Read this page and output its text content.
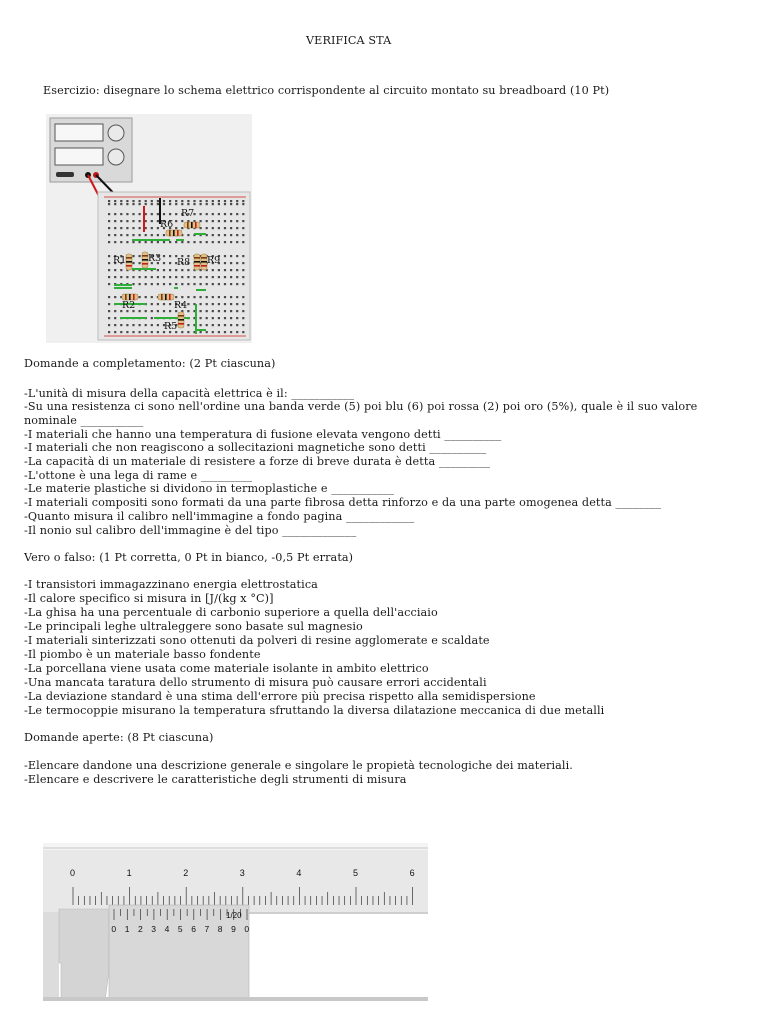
VERIFICA STA
Esercizio: disegnare lo schema elettrico corrispondente al circuito montato su breadboard (10 Pt)
R7
R6
R1 R3 R8 R9
R2	R4
R5
Domande a completamento: (2 Pt ciascuna)
-L'unità di misura della capacità elettrica è il: ___________
-Su una resistenza ci sono nell'ordine una banda verde (5) poi blu (6) poi rossa (2) poi oro (5%), quale è il suo valore nominale ___________
-I materiali che hanno una temperatura di fusione elevata vengono detti __________
-I materiali che non reagiscono a sollecitazioni magnetiche sono detti __________
-La capacità di un materiale di resistere a forze di breve durata è detta _________
-L'ottone è una lega di rame e _________
-Le materie plastiche si dividono in termoplastiche e ___________
-I materiali compositi sono formati da una parte fibrosa detta rinforzo e da una parte omogenea detta ________
-Quanto misura il calibro nell'immagine a fondo pagina ____________
-Il nonio sul calibro dell'immagine è del tipo _____________
Vero o falso: (1 Pt corretta, 0 Pt in bianco, -0,5 Pt errata)
-I transistori immagazzinano energia elettrostatica
-Il calore specifico si misura in [J/(kg x °C)]
-La ghisa ha una percentuale di carbonio superiore a quella dell'acciaio
-Le principali leghe ultraleggere sono basate sul magnesio
-I materiali sinterizzati sono ottenuti da polveri di resine agglomerate e scaldate
-Il piombo è un materiale basso fondente
-La porcellana viene usata come materiale isolante in ambito elettrico
-Una mancata taratura dello strumento di misura può causare errori accidentali
-La deviazione standard è una stima dell'errore più precisa rispetto alla semidispersione
-Le termocoppie misurano la temperatura sfruttando la diversa dilatazione meccanica di due metalli
Domande aperte: (8 Pt ciascuna)
-Elencare dandone una descrizione generale e singolare le propietà tecnologiche dei materiali.
-Elencare e descrivere le caratteristiche degli strumenti di misura
0	1	2	3	4	5	6
0 1 2 3 4 5 6 7 8 9 0
1/20
